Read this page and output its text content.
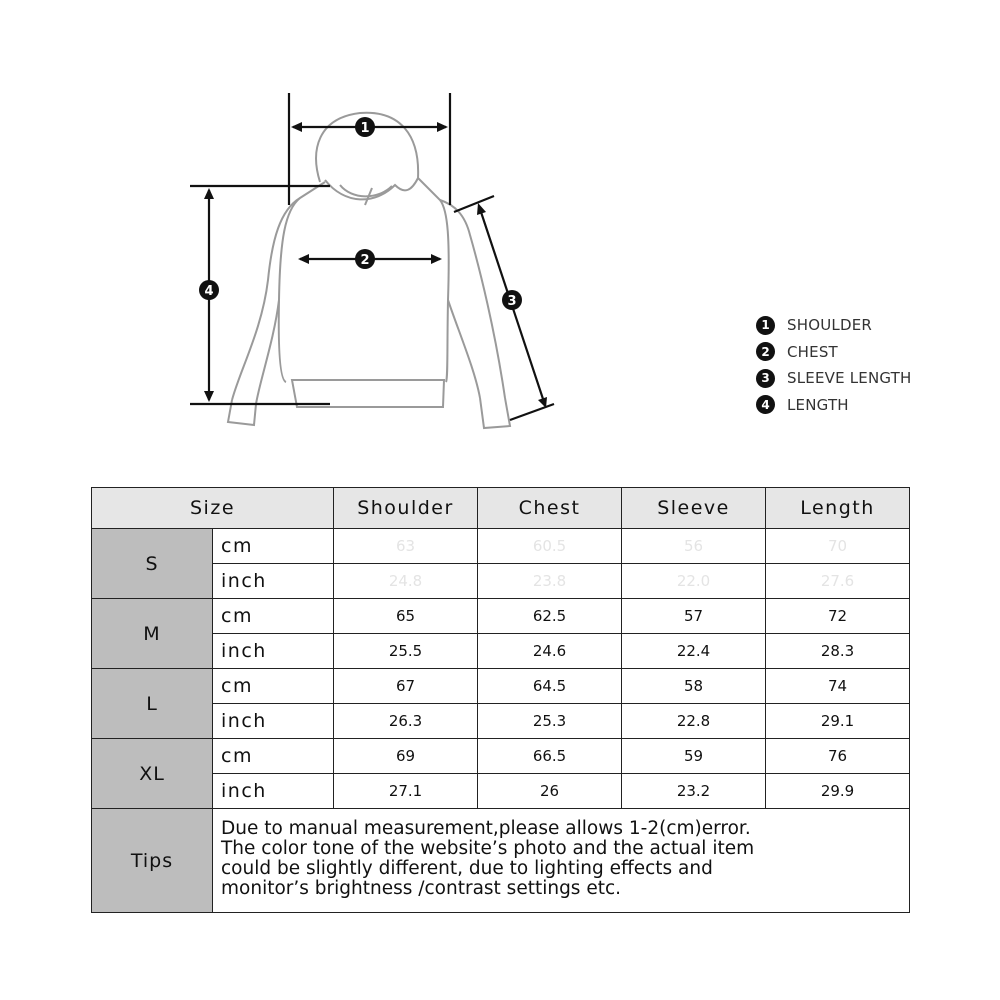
1
2
3
4
1	SHOULDER
2	CHEST
3	SLEEVE LENGTH
4	LENGTH
Size		Shoulder	Chest	Sleeve	Length
S	cm	63	60.5	56	70
	inch	24.8	23.8	22.0	27.6
M	cm	65	62.5	57	72
	inch	25.5	24.6	22.4	28.3
L	cm	67	64.5	58	74
	inch	26.3	25.3	22.8	29.1
XL	cm	69	66.5	59	76
	inch	27.1	26	23.2	29.9
Tips	Due to manual measurement,please allows 1-2(cm)error.
The color tone of the website’s photo and the actual item
could be slightly different, due to lighting effects and
monitor’s brightness /contrast settings etc.				
